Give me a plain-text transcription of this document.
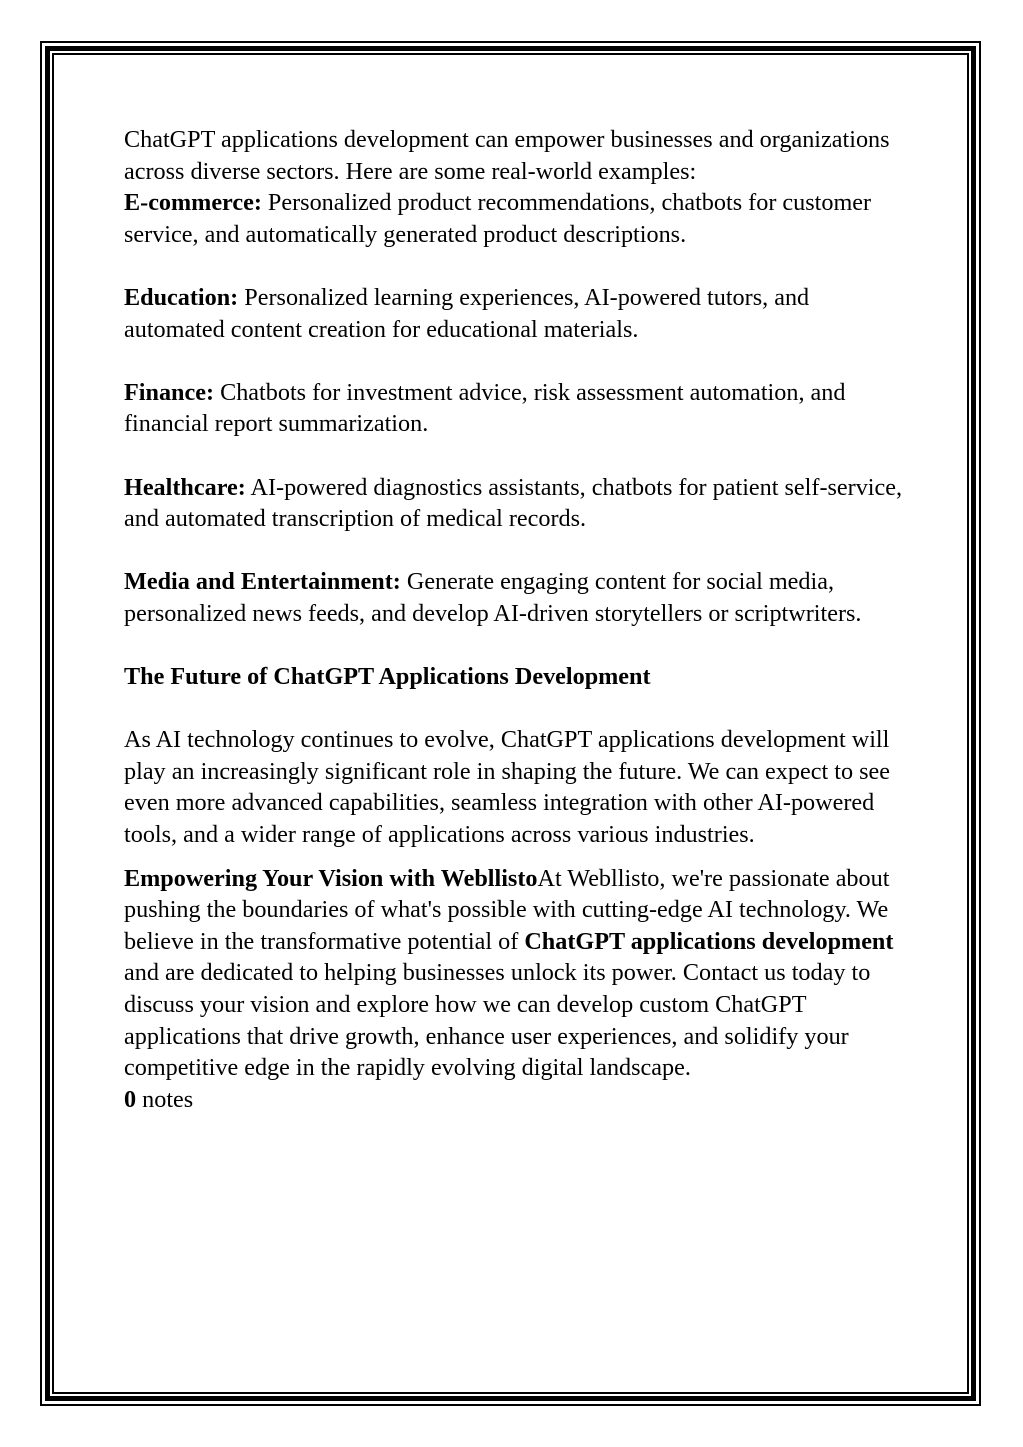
ChatGPT applications development can empower businesses and organizations across diverse sectors. Here are some real-world examples:

E-commerce: Personalized product recommendations, chatbots for customer service, and automatically generated product descriptions.

Education: Personalized learning experiences, AI-powered tutors, and automated content creation for educational materials.

Finance: Chatbots for investment advice, risk assessment automation, and financial report summarization.

Healthcare: AI-powered diagnostics assistants, chatbots for patient self-service, and automated transcription of medical records.

Media and Entertainment: Generate engaging content for social media, personalized news feeds, and develop AI-driven storytellers or scriptwriters.

The Future of ChatGPT Applications Development

As AI technology continues to evolve, ChatGPT applications development will play an increasingly significant role in shaping the future. We can expect to see even more advanced capabilities, seamless integration with other AI-powered tools, and a wider range of applications across various industries.

Empowering Your Vision with WebllistoAt Webllisto, we're passionate about pushing the boundaries of what's possible with cutting-edge AI technology. We believe in the transformative potential of ChatGPT applications development and are dedicated to helping businesses unlock its power. Contact us today to discuss your vision and explore how we can develop custom ChatGPT applications that drive growth, enhance user experiences, and solidify your competitive edge in the rapidly evolving digital landscape.

0 notes
